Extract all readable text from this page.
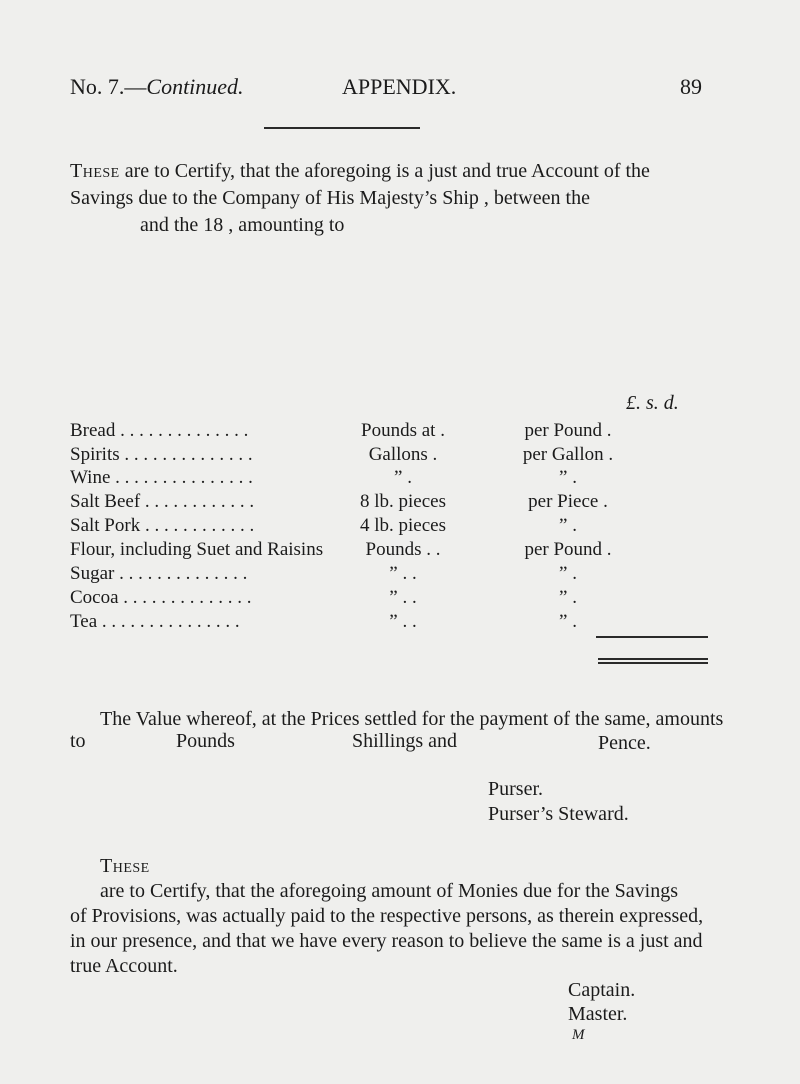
No. 7.—Continued.	APPENDIX.	89
These are to Certify, that the aforegoing is a just and true Account of the
Savings due to the Company of His Majesty’s Ship , between the
and the 18 , amounting to
£. s. d.
Bread . . . . . . . . . . . . . .	Pounds at .	per Pound .
Spirits . . . . . . . . . . . . . .	Gallons .	per Gallon .
Wine . . . . . . . . . . . . . . .	” .	” .
Salt Beef . . . . . . . . . . . .	8 lb. pieces	per Piece .
Salt Pork . . . . . . . . . . . .	4 lb. pieces	” .
Flour, including Suet and Raisins	Pounds . .	per Pound .
Sugar . . . . . . . . . . . . . .	” . .	” .
Cocoa . . . . . . . . . . . . . .	” . .	” .
Tea . . . . . . . . . . . . . . .	” . .	” .
The Value whereof, at the Prices settled for the payment of the same, amounts
to	Pounds	Shillings and	Pence.
Purser.
Purser’s Steward.
These
are to Certify, that the aforegoing amount of Monies due for the Savings
of Provisions, was actually paid to the respective persons, as therein expressed,
in our presence, and that we have every reason to believe the same is a just and
true Account.
Captain.
Master.
M
